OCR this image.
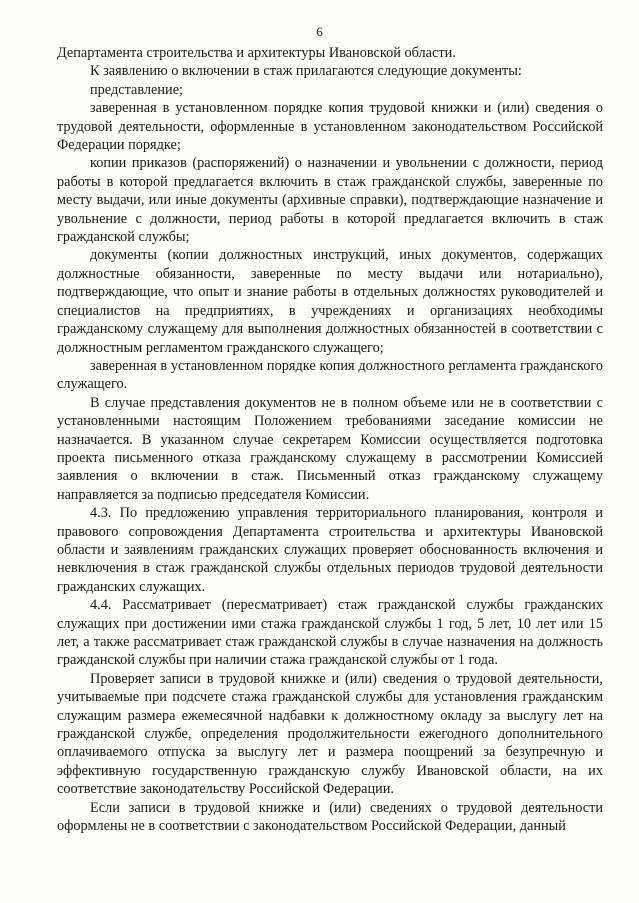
6

Департамента строительства и архитектуры Ивановской области.

К заявлению о включении в стаж прилагаются следующие документы:

представление;

заверенная в установленном порядке копия трудовой книжки и (или) сведения о трудовой деятельности, оформленные в установленном законодательством Российской Федерации порядке;

копии приказов (распоряжений) о назначении и увольнении с должности, период работы в которой предлагается включить в стаж гражданской службы, заверенные по месту выдачи, или иные документы (архивные справки), подтверждающие назначение и увольнение с должности, период работы в которой предлагается включить в стаж гражданской службы;

документы (копии должностных инструкций, иных документов, содержащих должностные обязанности, заверенные по месту выдачи или нотариально), подтверждающие, что опыт и знание работы в отдельных должностях руководителей и специалистов на предприятиях, в учреждениях и организациях необходимы гражданскому служащему для выполнения должностных обязанностей в соответствии с должностным регламентом гражданского служащего;

заверенная в установленном порядке копия должностного регламента гражданского служащего.

В случае представления документов не в полном объеме или не в соответствии с установленными настоящим Положением требованиями заседание комиссии не назначается. В указанном случае секретарем Комиссии осуществляется подготовка проекта письменного отказа гражданскому служащему в рассмотрении Комиссией заявления о включении в стаж. Письменный отказ гражданскому служащему направляется за подписью председателя Комиссии.

4.3. По предложению управления территориального планирования, контроля и правового сопровождения Департамента строительства и архитектуры Ивановской области и заявлениям гражданских служащих проверяет обоснованность включения и невключения в стаж гражданской службы отдельных периодов трудовой деятельности гражданских служащих.

4.4. Рассматривает (пересматривает) стаж гражданской службы гражданских служащих при достижении ими стажа гражданской службы 1 год, 5 лет, 10 лет или 15 лет, а также рассматривает стаж гражданской службы в случае назначения на должность гражданской службы при наличии стажа гражданской службы от 1 года.

Проверяет записи в трудовой книжке и (или) сведения о трудовой деятельности, учитываемые при подсчете стажа гражданской службы для установления гражданским служащим размера ежемесячной надбавки к должностному окладу за выслугу лет на гражданской службе, определения продолжительности ежегодного дополнительного оплачиваемого отпуска за выслугу лет и размера поощрений за безупречную и эффективную государственную гражданскую службу Ивановской области, на их соответствие законодательству Российской Федерации.

Если записи в трудовой книжке и (или) сведениях о трудовой деятельности оформлены не в соответствии с законодательством Российской Федерации, данный
